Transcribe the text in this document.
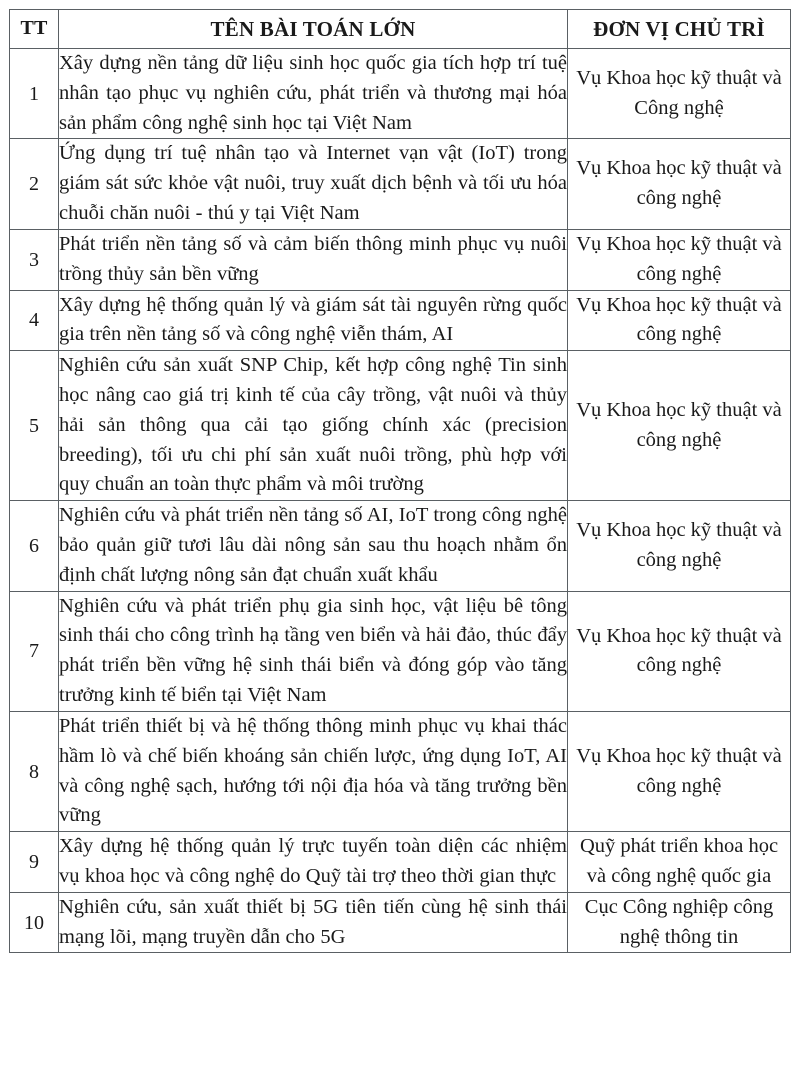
TT	TÊN BÀI TOÁN LỚN	ĐƠN VỊ CHỦ TRÌ
1	Xây dựng nền tảng dữ liệu sinh học quốc gia tích hợp trí tuệ nhân tạo phục vụ nghiên cứu, phát triển và thương mại hóa sản phẩm công nghệ sinh học tại Việt Nam	Vụ Khoa học kỹ thuật và Công nghệ

2	Ứng dụng trí tuệ nhân tạo và Internet vạn vật (IoT) trong giám sát sức khỏe vật nuôi, truy xuất dịch bệnh và tối ưu hóa chuỗi chăn nuôi - thú y tại Việt Nam	Vụ Khoa học kỹ thuật và công nghệ

3	Phát triển nền tảng số và cảm biến thông minh phục vụ nuôi trồng thủy sản bền vững	Vụ Khoa học kỹ thuật và công nghệ

4	Xây dựng hệ thống quản lý và giám sát tài nguyên rừng quốc gia trên nền tảng số và công nghệ viễn thám, AI	Vụ Khoa học kỹ thuật và công nghệ

5	Nghiên cứu sản xuất SNP Chip, kết hợp công nghệ Tin sinh học nâng cao giá trị kinh tế của cây trồng, vật nuôi và thủy hải sản thông qua cải tạo giống chính xác (precision breeding), tối ưu chi phí sản xuất nuôi trồng, phù hợp với quy chuẩn an toàn thực phẩm và môi trường	Vụ Khoa học kỹ thuật và công nghệ

6	Nghiên cứu và phát triển nền tảng số AI, IoT trong công nghệ bảo quản giữ tươi lâu dài nông sản sau thu hoạch nhằm ổn định chất lượng nông sản đạt chuẩn xuất khẩu	Vụ Khoa học kỹ thuật và công nghệ

7	Nghiên cứu và phát triển phụ gia sinh học, vật liệu bê tông sinh thái cho công trình hạ tầng ven biển và hải đảo, thúc đẩy phát triển bền vững hệ sinh thái biển và đóng góp vào tăng trưởng kinh tế biển tại Việt Nam	Vụ Khoa học kỹ thuật và công nghệ

8	Phát triển thiết bị và hệ thống thông minh phục vụ khai thác hầm lò và chế biến khoáng sản chiến lược, ứng dụng IoT, AI và công nghệ sạch, hướng tới nội địa hóa và tăng trưởng bền vững	Vụ Khoa học kỹ thuật và công nghệ

9	Xây dựng hệ thống quản lý trực tuyến toàn diện các nhiệm vụ khoa học và công nghệ do Quỹ tài trợ theo thời gian thực	Quỹ phát triển khoa học và công nghệ quốc gia

10	Nghiên cứu, sản xuất thiết bị 5G tiên tiến cùng hệ sinh thái mạng lõi, mạng truyền dẫn cho 5G	Cục Công nghiệp công nghệ thông tin
